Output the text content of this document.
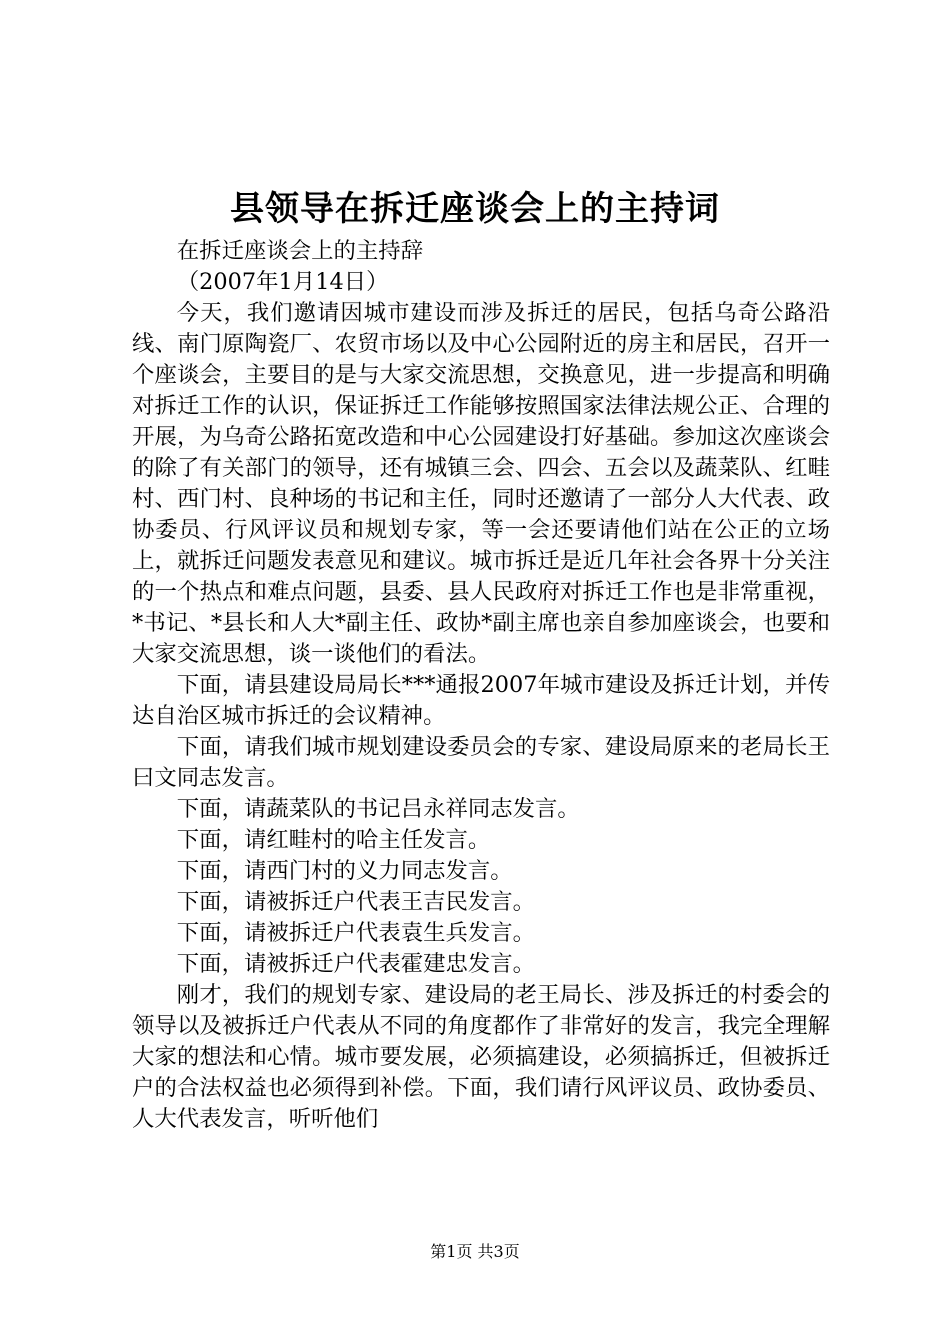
县领导在拆迁座谈会上的主持词

在拆迁座谈会上的主持辞

（2007年1月14日）

今天，我们邀请因城市建设而涉及拆迁的居民，包括乌奇公路沿线、南门原陶瓷厂、农贸市场以及中心公园附近的房主和居民，召开一个座谈会，主要目的是与大家交流思想，交换意见，进一步提高和明确对拆迁工作的认识，保证拆迁工作能够按照国家法律法规公正、合理的开展，为乌奇公路拓宽改造和中心公园建设打好基础。参加这次座谈会的除了有关部门的领导，还有城镇三会、四会、五会以及蔬菜队、红畦村、西门村、良种场的书记和主任，同时还邀请了一部分人大代表、政协委员、行风评议员和规划专家，等一会还要请他们站在公正的立场上，就拆迁问题发表意见和建议。城市拆迁是近几年社会各界十分关注的一个热点和难点问题，县委、县人民政府对拆迁工作也是非常重视，*书记、*县长和人大*副主任、政协*副主席也亲自参加座谈会，也要和大家交流思想，谈一谈他们的看法。

下面，请县建设局局长***通报2007年城市建设及拆迁计划，并传达自治区城市拆迁的会议精神。

下面，请我们城市规划建设委员会的专家、建设局原来的老局长王曰文同志发言。

下面，请蔬菜队的书记吕永祥同志发言。

下面，请红畦村的哈主任发言。

下面，请西门村的义力同志发言。

下面，请被拆迁户代表王吉民发言。

下面，请被拆迁户代表袁生兵发言。

下面，请被拆迁户代表霍建忠发言。

刚才，我们的规划专家、建设局的老王局长、涉及拆迁的村委会的领导以及被拆迁户代表从不同的角度都作了非常好的发言，我完全理解大家的想法和心情。城市要发展，必须搞建设，必须搞拆迁，但被拆迁户的合法权益也必须得到补偿。下面，我们请行风评议员、政协委员、人大代表发言，听听他们

第1页 共3页
